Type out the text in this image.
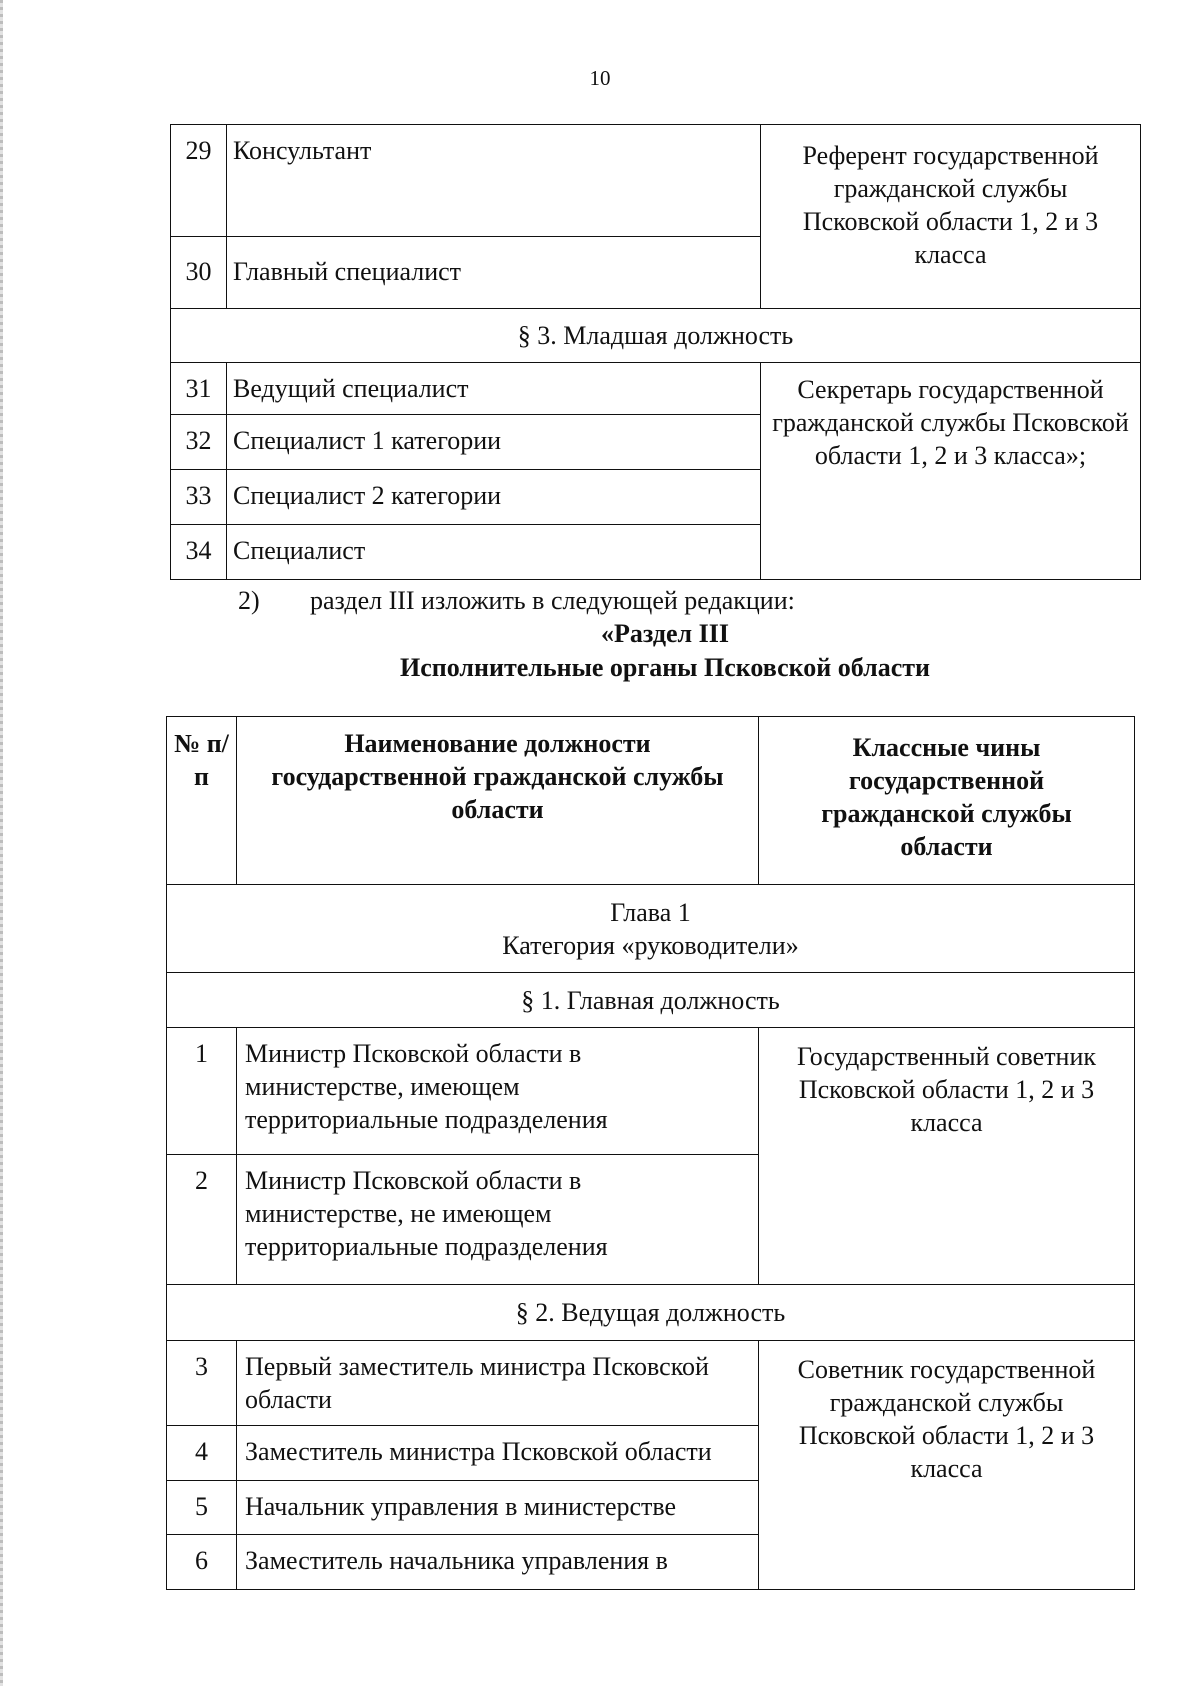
10
29	Консультант	Референт государственной гражданской службы Псковской области 1, 2 и 3 класса
30	Главный специалист	
§ 3. Младшая должность		
31	Ведущий специалист	Секретарь государственной гражданской службы Псковской области 1, 2 и 3 класса»;
32	Специалист 1 категории	
33	Специалист 2 категории	
34	Специалист	
2) раздел III изложить в следующей редакции:
«Раздел III
Исполнительные органы Псковской области
№ п/п	Наименование должности государственной гражданской службы области	Классные чины государственной гражданской службы области

Глава 1
Категория «руководители»		

§ 1. Главная должность		
1	Министр Псковской области в министерстве, имеющем территориальные подразделения	Государственный советник Псковской области 1, 2 и 3 класса
2	Министр Псковской области в министерстве, не имеющем территориальные подразделения	
§ 2. Ведущая должность		
3	Первый заместитель министра Псковской области	Советник государственной гражданской службы Псковской области 1, 2 и 3 класса
4	Заместитель министра Псковской области	
5	Начальник управления в министерстве	
6	Заместитель начальника управления в	
